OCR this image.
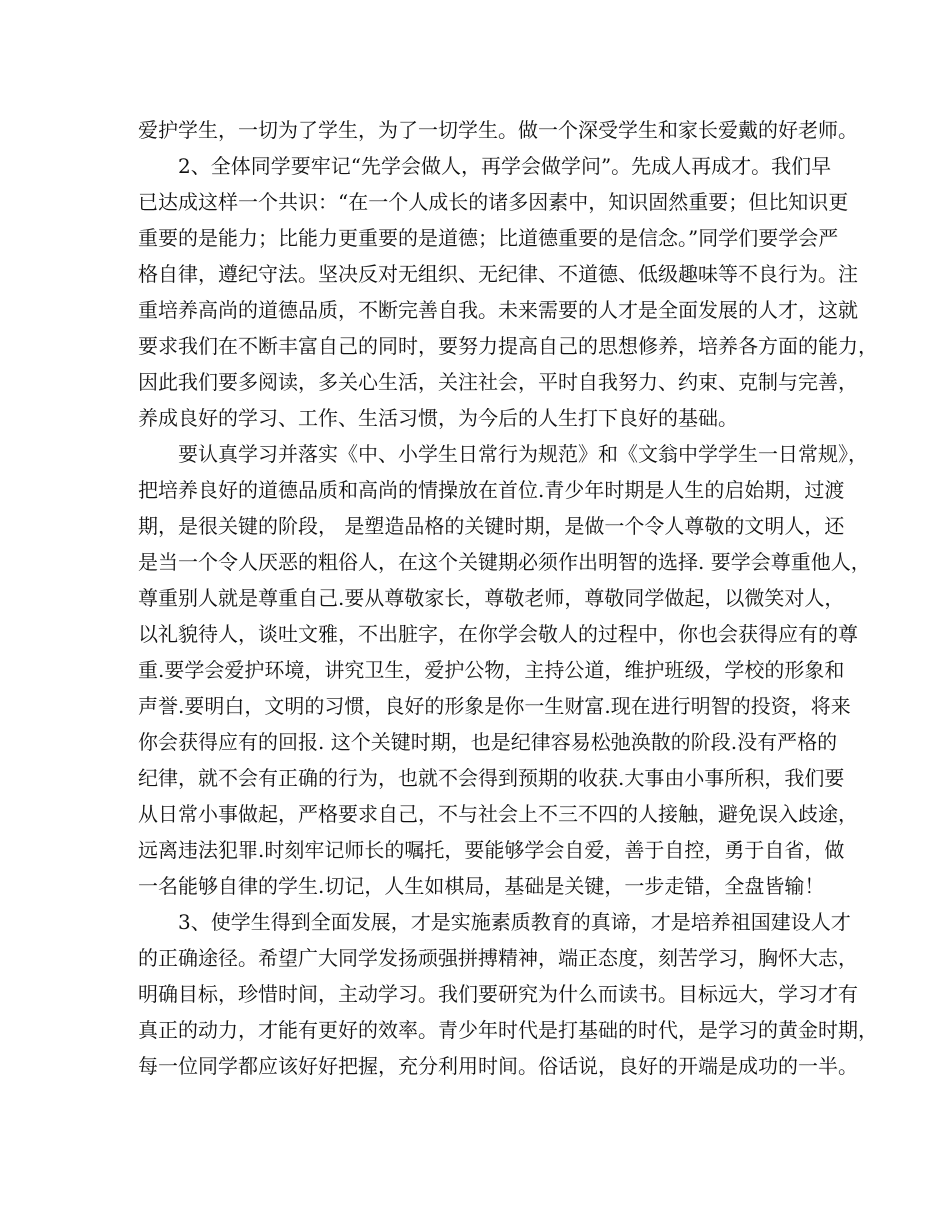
爱护学生，一切为了学生，为了一切学生。做一个深受学生和家长爱戴的好老师。
2、全体同学要牢记“先学会做人，再学会做学问”。先成人再成才。我们早
已达成这样一个共识：“在一个人成长的诸多因素中，知识固然重要；但比知识更
重要的是能力；比能力更重要的是道德；比道德重要的是信念。”同学们要学会严
格自律，遵纪守法。坚决反对无组织、无纪律、不道德、低级趣味等不良行为。注
重培养高尚的道德品质，不断完善自我。未来需要的人才是全面发展的人才，这就
要求我们在不断丰富自己的同时，要努力提高自己的思想修养，培养各方面的能力，
因此我们要多阅读，多关心生活，关注社会，平时自我努力、约束、克制与完善，
养成良好的学习、工作、生活习惯，为今后的人生打下良好的基础。
要认真学习并落实《中、小学生日常行为规范》和《文翁中学学生一日常规》，
把培养良好的道德品质和高尚的情操放在首位.青少年时期是人生的启始期，过渡
期，是很关键的阶段， 是塑造品格的关键时期，是做一个令人尊敬的文明人，还
是当一个令人厌恶的粗俗人，在这个关键期必须作出明智的选择. 要学会尊重他人，
尊重别人就是尊重自己.要从尊敬家长，尊敬老师，尊敬同学做起，以微笑对人，
以礼貌待人，谈吐文雅，不出脏字，在你学会敬人的过程中，你也会获得应有的尊
重.要学会爱护环境，讲究卫生，爱护公物，主持公道，维护班级，学校的形象和
声誉.要明白，文明的习惯，良好的形象是你一生财富.现在进行明智的投资，将来
你会获得应有的回报. 这个关键时期，也是纪律容易松弛涣散的阶段.没有严格的
纪律，就不会有正确的行为，也就不会得到预期的收获.大事由小事所积，我们要
从日常小事做起，严格要求自己，不与社会上不三不四的人接触，避免误入歧途，
远离违法犯罪.时刻牢记师长的嘱托，要能够学会自爱，善于自控，勇于自省，做
一名能够自律的学生.切记，人生如棋局，基础是关键，一步走错，全盘皆输！
3、使学生得到全面发展，才是实施素质教育的真谛，才是培养祖国建设人才
的正确途径。希望广大同学发扬顽强拼搏精神，端正态度，刻苦学习，胸怀大志，
明确目标，珍惜时间，主动学习。我们要研究为什么而读书。目标远大，学习才有
真正的动力，才能有更好的效率。青少年时代是打基础的时代，是学习的黄金时期，
每一位同学都应该好好把握，充分利用时间。俗话说，良好的开端是成功的一半。
